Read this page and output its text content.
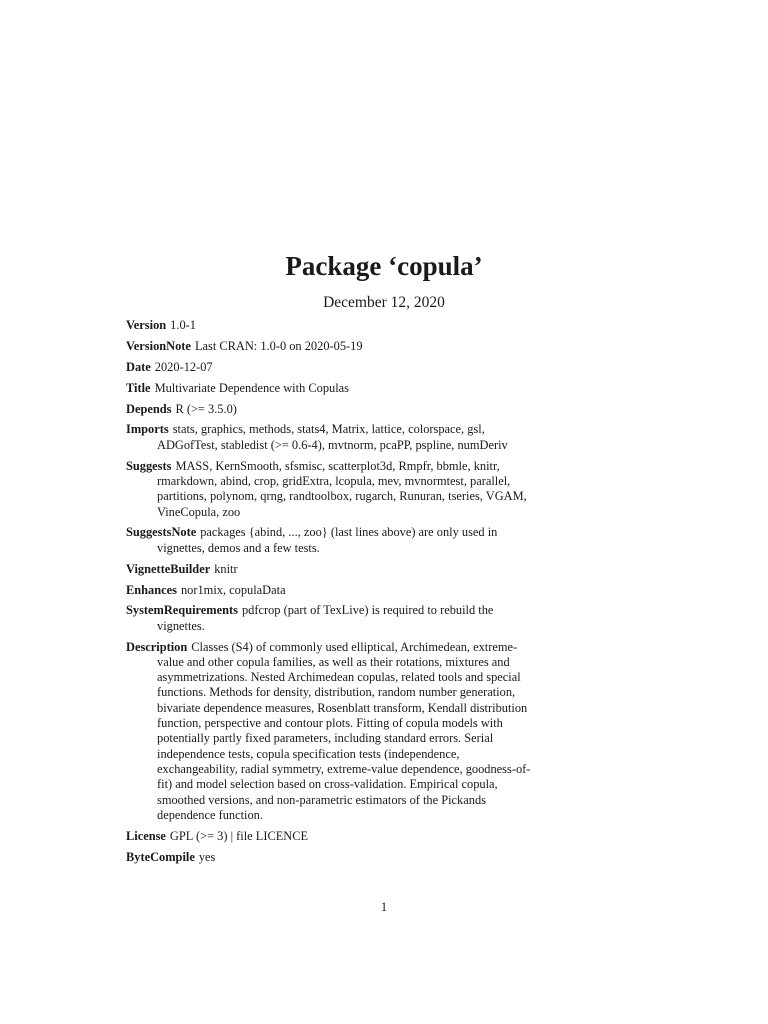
Package ‘copula’
December 12, 2020
Version 1.0-1
VersionNote Last CRAN: 1.0-0 on 2020-05-19
Date 2020-12-07
Title Multivariate Dependence with Copulas
Depends R (>= 3.5.0)
Imports stats, graphics, methods, stats4, Matrix, lattice, colorspace, gsl, ADGofTest, stabledist (>= 0.6-4), mvtnorm, pcaPP, pspline, numDeriv
Suggests MASS, KernSmooth, sfsmisc, scatterplot3d, Rmpfr, bbmle, knitr, rmarkdown, abind, crop, gridExtra, lcopula, mev, mvnormtest, parallel, partitions, polynom, qrng, randtoolbox, rugarch, Runuran, tseries, VGAM, VineCopula, zoo
SuggestsNote packages {abind, ..., zoo} (last lines above) are only used in vignettes, demos and a few tests.
VignetteBuilder knitr
Enhances nor1mix, copulaData
SystemRequirements pdfcrop (part of TexLive) is required to rebuild the vignettes.
Description Classes (S4) of commonly used elliptical, Archimedean, extreme-value and other copula families, as well as their rotations, mixtures and asymmetrizations. Nested Archimedean copulas, related tools and special functions. Methods for density, distribution, random number generation, bivariate dependence measures, Rosenblatt transform, Kendall distribution function, perspective and contour plots. Fitting of copula models with potentially partly fixed parameters, including standard errors. Serial independence tests, copula specification tests (independence, exchangeability, radial symmetry, extreme-value dependence, goodness-of-fit) and model selection based on cross-validation. Empirical copula, smoothed versions, and non-parametric estimators of the Pickands dependence function.
License GPL (>= 3) | file LICENCE
ByteCompile yes
1
